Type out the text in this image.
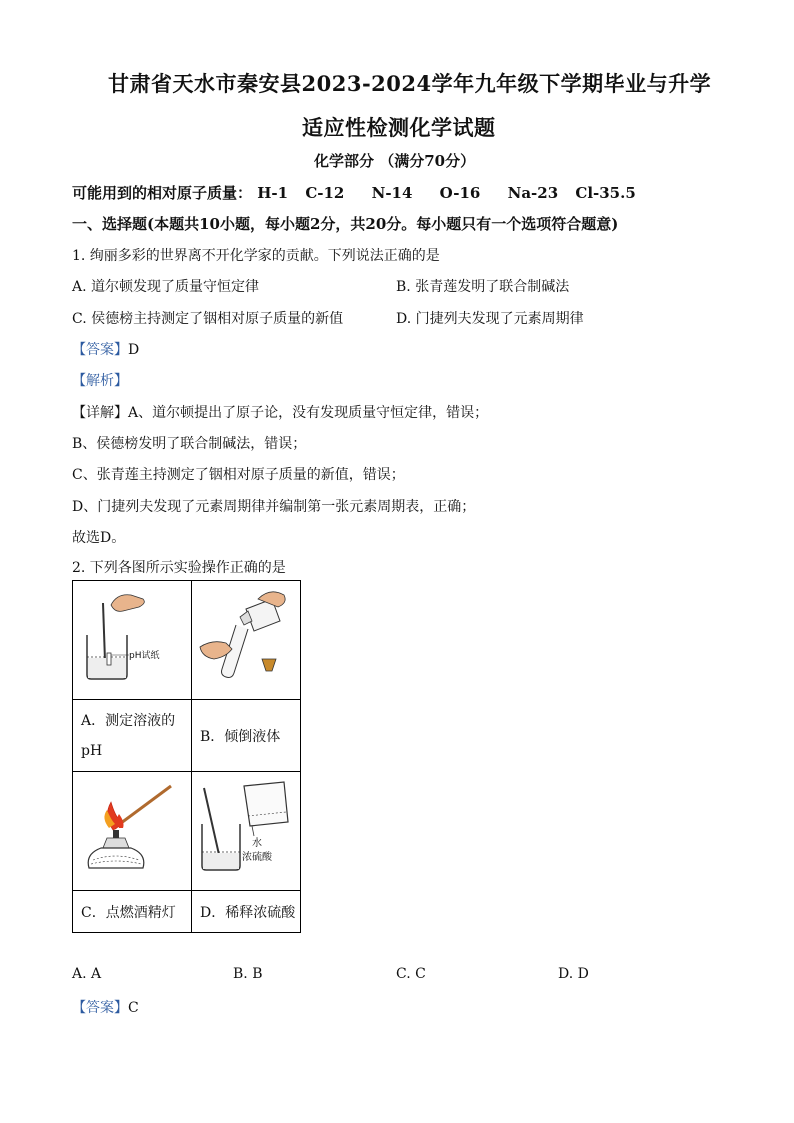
甘肃省天水市秦安县2023-2024学年九年级下学期毕业与升学
适应性检测化学试题
化学部分 （满分70分）
可能用到的相对原子质量： H-1 C-12 N-14 O-16 Na-23 Cl-35.5
一、选择题(本题共10小题，每小题2分，共20分。每小题只有一个选项符合题意)
1. 绚丽多彩的世界离不开化学家的贡献。下列说法正确的是
A. 道尔顿发现了质量守恒定律	B. 张青莲发明了联合制碱法
C. 侯德榜主持测定了铟相对原子质量的新值	D. 门捷列夫发现了元素周期律
【答案】D
【解析】
【详解】A、道尔顿提出了原子论，没有发现质量守恒定律，错误；
B、侯德榜发明了联合制碱法，错误；
C、张青莲主持测定了铟相对原子质量的新值，错误；
D、门捷列夫发现了元素周期律并编制第一张元素周期表，正确；
故选D。
2. 下列各图所示实验操作正确的是
pH试纸

A．测定溶液的
pH	B．倾倒液体

水
浓硫酸

C．点燃酒精灯	D．稀释浓硫酸
A. A	B. B	C. C	D. D
【答案】C
